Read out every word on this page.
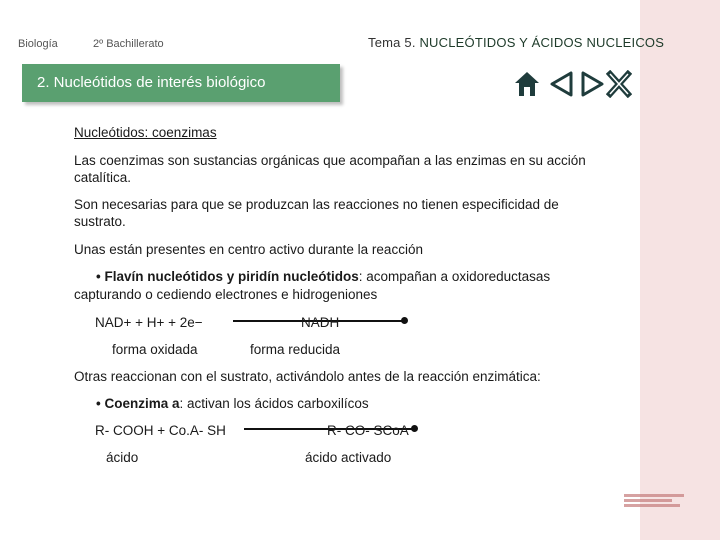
Biología	2º Bachillerato	Tema 5. NUCLEÓTIDOS Y ÁCIDOS NUCLEICOS
2. Nucleótidos de interés biológico
Nucleótidos: coenzimas
Las coenzimas son sustancias orgánicas que acompañan a las enzimas en su acción
catalítica.
Son necesarias para que se produzcan las reacciones no tienen especificidad de
sustrato.
Unas están presentes en centro activo durante la reacción
• Flavín nucleótidos y piridín nucleótidos: acompañan a oxidoreductasas
capturando o cediendo electrones e hidrogeniones
NAD+ + H+ + 2e−	NADH
forma oxidada	forma reducida
Otras reaccionan con el sustrato, activándolo antes de la reacción enzimática:
• Coenzima a: activan los ácidos carboxilícos
R- COOH + Co.A- SH	R- CO- SCoA
ácido	ácido activado
